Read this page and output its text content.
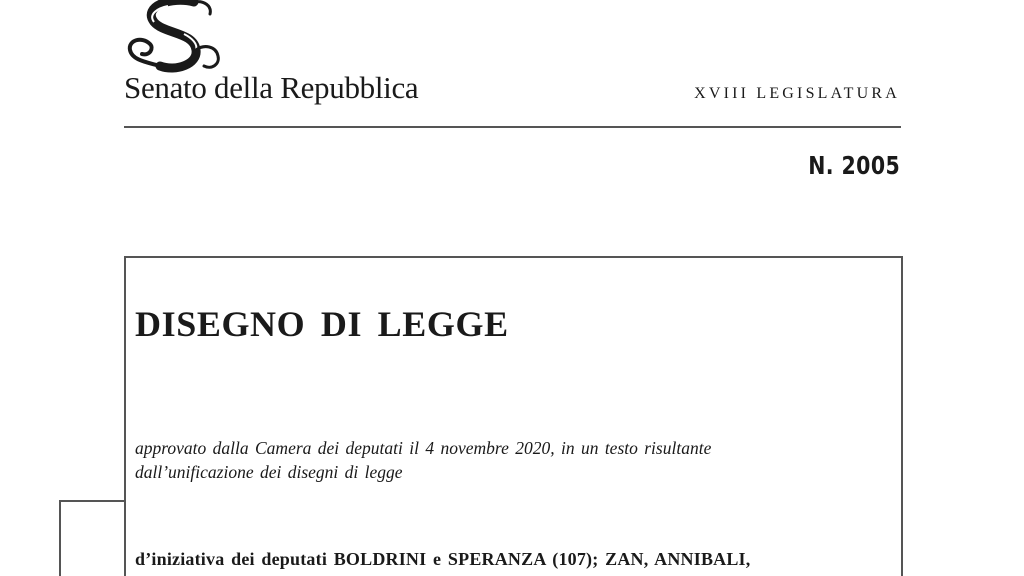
Senato della Repubblica	XVIII LEGISLATURA
N. 2005
DISEGNO DI LEGGE
approvato dalla Camera dei deputati il 4 novembre 2020, in un testo risultante
dall’unificazione dei disegni di legge
d’iniziativa dei deputati BOLDRINI e SPERANZA (107); ZAN, ANNIBALI,
